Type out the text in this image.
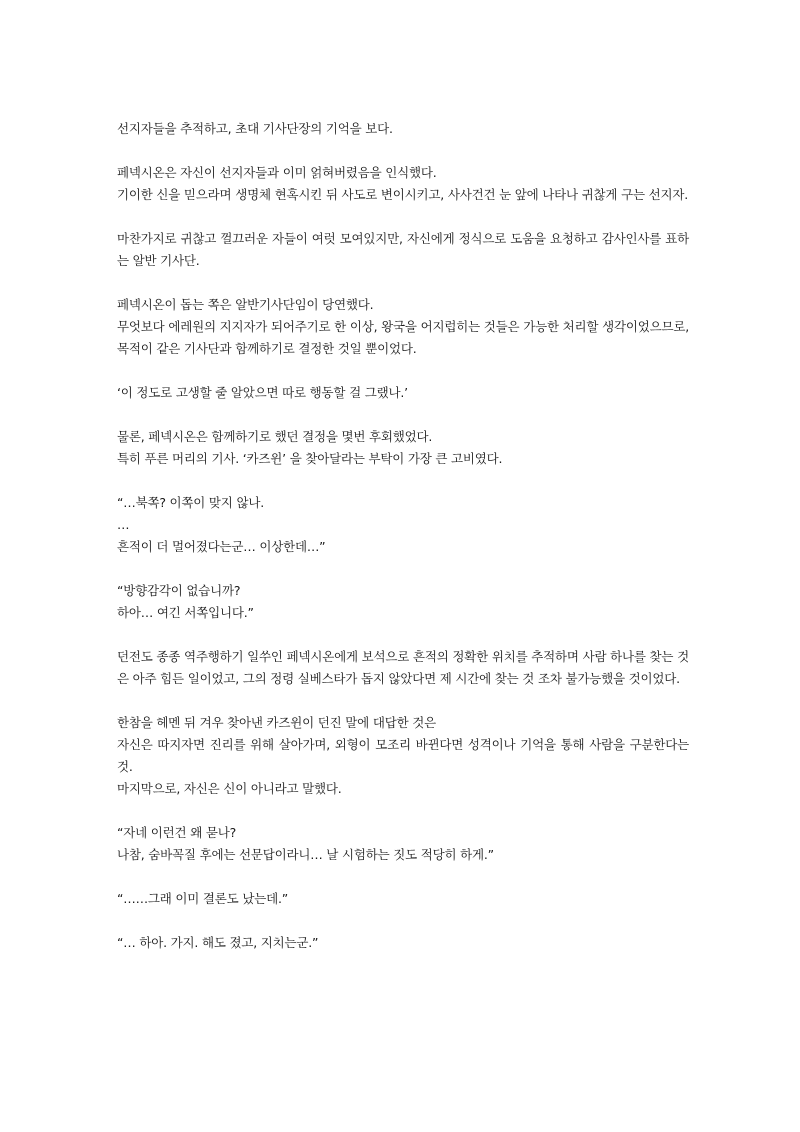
선지자들을 추적하고, 초대 기사단장의 기억을 보다.
페넥시온은 자신이 선지자들과 이미 얽혀버렸음을 인식했다.
기이한 신을 믿으라며 생명체 현혹시킨 뒤 사도로 변이시키고, 사사건건 눈 앞에 나타나 귀찮게 구는 선지자.
마찬가지로 귀찮고 껄끄러운 자들이 여럿 모여있지만, 자신에게 정식으로 도움을 요청하고 감사인사를 표하는 알반 기사단.
페넥시온이 돕는 쪽은 알반기사단임이 당연했다.
무엇보다 에레원의 지지자가 되어주기로 한 이상, 왕국을 어지럽히는 것들은 가능한 처리할 생각이었으므로, 목적이 같은 기사단과 함께하기로 결정한 것일 뿐이었다.
‘이 정도로 고생할 줄 알았으면 따로 행동할 걸 그랬나.’
물론, 페넥시온은 함께하기로 했던 결정을 몇번 후회했었다.
특히 푸른 머리의 기사. ‘카즈윈’ 을 찾아달라는 부탁이 가장 큰 고비였다.
“…북쪽? 이쪽이 맞지 않나.
…
흔적이 더 멀어졌다는군… 이상한데…”
“방향감각이 없습니까?
하아… 여긴 서쪽입니다.”
던전도 종종 역주행하기 일쑤인 페넥시온에게 보석으로 흔적의 정확한 위치를 추적하며 사람 하나를 찾는 것은 아주 힘든 일이었고, 그의 정령 실베스타가 돕지 않았다면 제 시간에 찾는 것 조차 불가능했을 것이었다.
한참을 헤멘 뒤 겨우 찾아낸 카즈윈이 던진 말에 대답한 것은
자신은 따지자면 진리를 위해 살아가며, 외형이 모조리 바뀐다면 성격이나 기억을 통해 사람을 구분한다는 것.
마지막으로, 자신은 신이 아니라고 말했다.
“자네 이런건 왜 묻나?
나참, 숨바꼭질 후에는 선문답이라니… 날 시험하는 짓도 적당히 하게.”
“……그래 이미 결론도 났는데.”
“… 하아. 가지. 해도 졌고, 지치는군.”
